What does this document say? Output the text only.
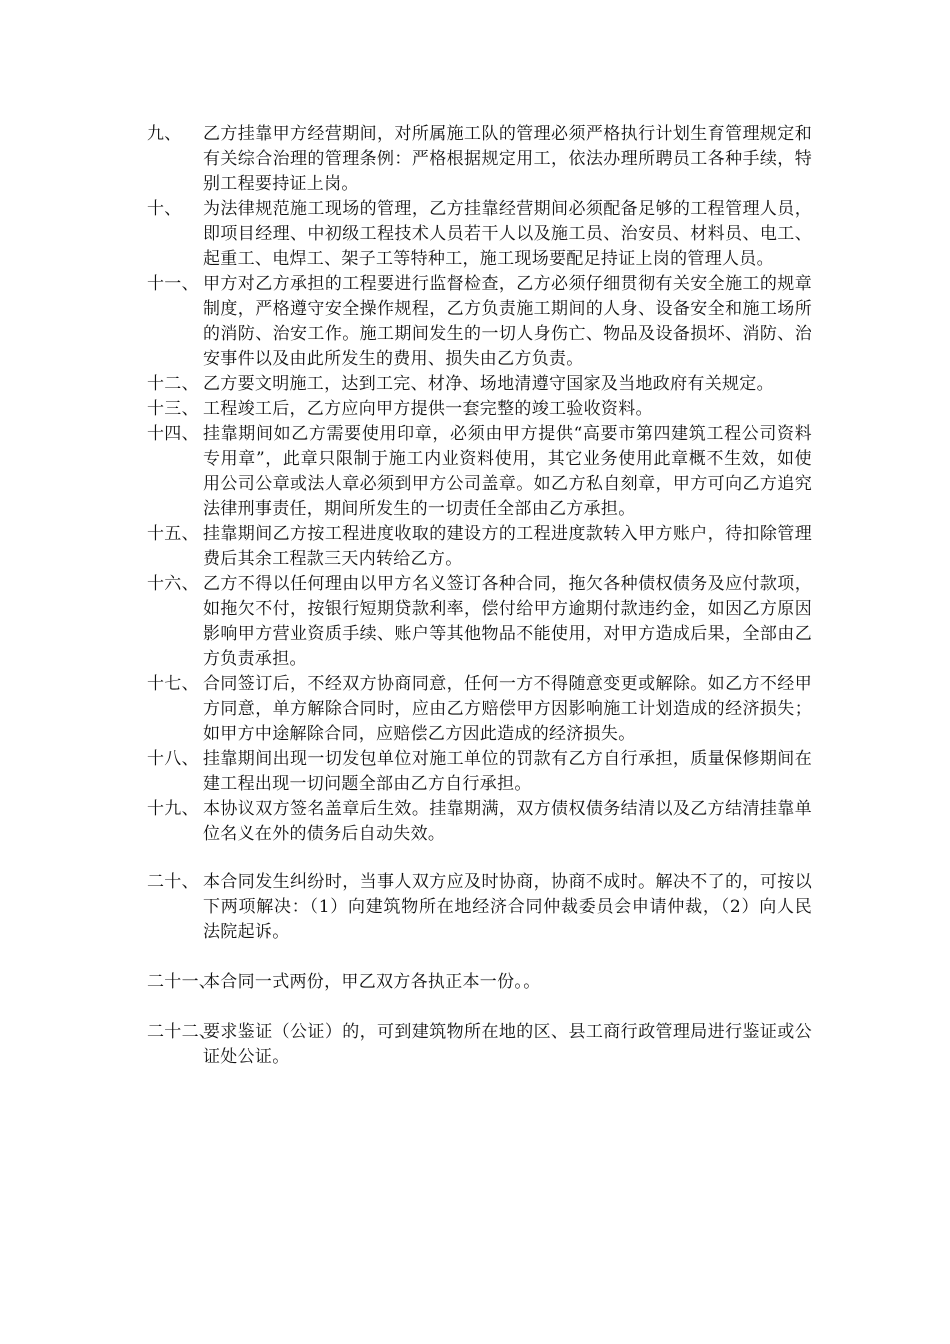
九、 乙方挂靠甲方经营期间，对所属施工队的管理必须严格执行计划生育管理规定和有关综合治理的管理条例：严格根据规定用工，依法办理所聘员工各种手续，特别工程要持证上岗。
十、 为法律规范施工现场的管理，乙方挂靠经营期间必须配备足够的工程管理人员，即项目经理、中初级工程技术人员若干人以及施工员、治安员、材料员、电工、起重工、电焊工、架子工等特种工，施工现场要配足持证上岗的管理人员。
十一、 甲方对乙方承担的工程要进行监督检查，乙方必须仔细贯彻有关安全施工的规章制度，严格遵守安全操作规程，乙方负责施工期间的人身、设备安全和施工场所的消防、治安工作。施工期间发生的一切人身伤亡、物品及设备损坏、消防、治安事件以及由此所发生的费用、损失由乙方负责。
十二、 乙方要文明施工，达到工完、材净、场地清遵守国家及当地政府有关规定。
十三、 工程竣工后，乙方应向甲方提供一套完整的竣工验收资料。
十四、 挂靠期间如乙方需要使用印章，必须由甲方提供“高要市第四建筑工程公司资料专用章”，此章只限制于施工内业资料使用，其它业务使用此章概不生效，如使用公司公章或法人章必须到甲方公司盖章。如乙方私自刻章，甲方可向乙方追究法律刑事责任，期间所发生的一切责任全部由乙方承担。
十五、 挂靠期间乙方按工程进度收取的建设方的工程进度款转入甲方账户，待扣除管理费后其余工程款三天内转给乙方。
十六、 乙方不得以任何理由以甲方名义签订各种合同，拖欠各种债权债务及应付款项，如拖欠不付，按银行短期贷款利率，偿付给甲方逾期付款违约金，如因乙方原因影响甲方营业资质手续、账户等其他物品不能使用，对甲方造成后果，全部由乙方负责承担。
十七、 合同签订后，不经双方协商同意，任何一方不得随意变更或解除。如乙方不经甲方同意，单方解除合同时，应由乙方赔偿甲方因影响施工计划造成的经济损失；如甲方中途解除合同，应赔偿乙方因此造成的经济损失。
十八、 挂靠期间出现一切发包单位对施工单位的罚款有乙方自行承担，质量保修期间在建工程出现一切问题全部由乙方自行承担。
十九、 本协议双方签名盖章后生效。挂靠期满，双方债权债务结清以及乙方结清挂靠单位名义在外的债务后自动失效。
二十、 本合同发生纠纷时，当事人双方应及时协商，协商不成时。解决不了的，可按以下两项解决：（1）向建筑物所在地经济合同仲裁委员会申请仲裁，（2）向人民法院起诉。
二十一、
本合同一式两份，甲乙双方各执正本一份。。
二十二、
要求鉴证（公证）的，可到建筑物所在地的区、县工商行政管理局进行鉴证或公证处公证。
